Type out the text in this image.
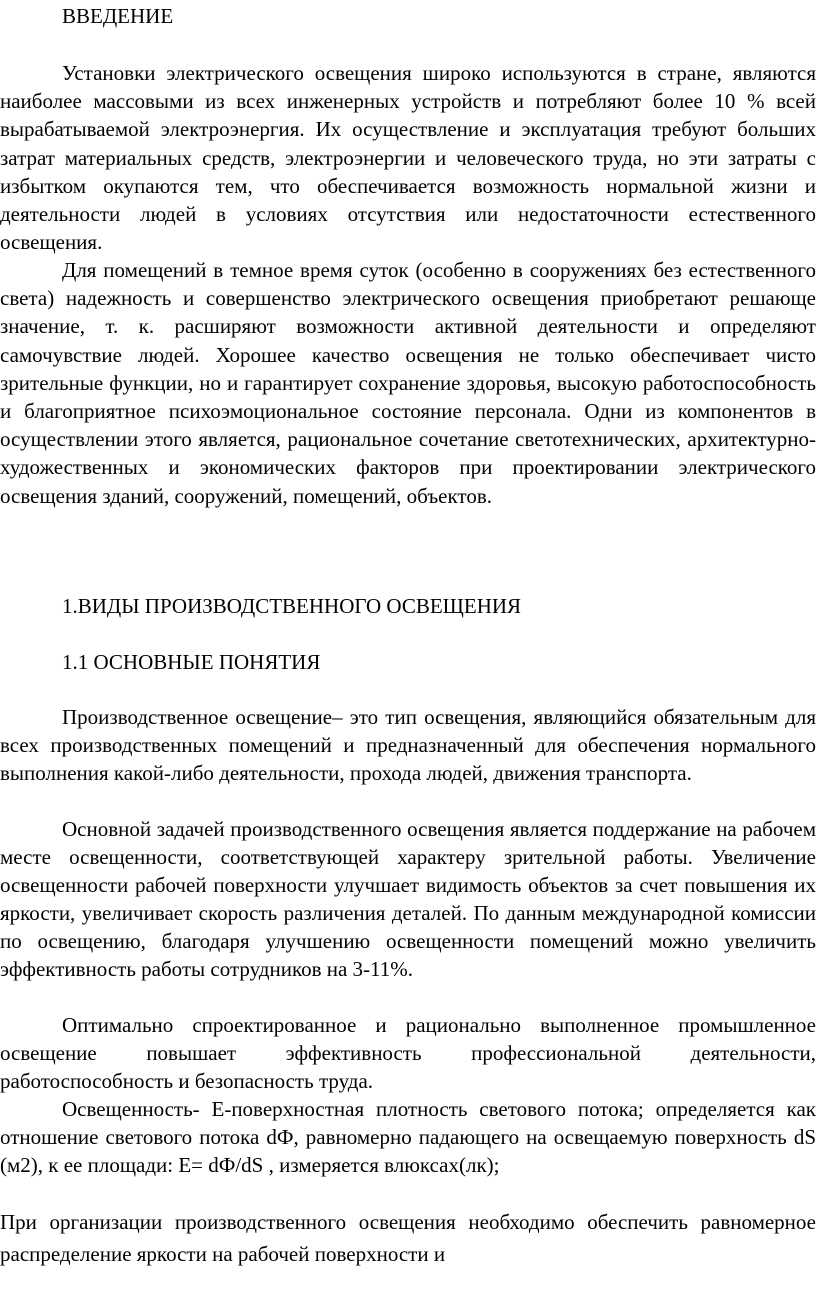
ВВЕДЕНИЕ

Установки электрического освещения широко используются в стране, являются наиболее массовыми из всех инженерных устройств и потребляют более 10 % всей вырабатываемой электроэнергия. Их осуществление и эксплуатация требуют больших затрат материальных средств, электроэнергии и человеческого труда, но эти затраты с избытком окупаются тем, что обеспечивается возможность нормальной жизни и деятельности людей в условиях отсутствия или недостаточности естественного освещения.

Для помещений в темное время суток (особенно в сооружениях без естественного света) надежность и совершенство электрического освещения приобретают решающе значение, т. к. расширяют возможности активной деятельности и определяют самочувствие людей. Хорошее качество освещения не только обеспечивает чисто зрительные функции, но и гарантирует сохранение здоровья, высокую работоспособность и благоприятное психоэмоциональное состояние персонала. Одни из компонентов в осуществлении этого является, рациональное сочетание светотехнических, архитектурно-художественных и экономических факторов при проектировании электрического освещения зданий, сооружений, помещений, объектов.

1.ВИДЫ ПРОИЗВОДСТВЕННОГО ОСВЕЩЕНИЯ
1.1 ОСНОВНЫЕ ПОНЯТИЯ

Производственное освещение– это тип освещения, являющийся обязательным для всех производственных помещений и предназначенный для обеспечения нормального выполнения какой-либо деятельности, прохода людей, движения транспорта.

Основной задачей производственного освещения является поддержание на рабочем месте освещенности, соответствующей характеру зрительной работы. Увеличение освещенности рабочей поверхности улучшает видимость объектов за счет повышения их яркости, увеличивает скорость различения деталей. По данным международной комиссии по освещению, благодаря улучшению освещенности помещений можно увеличить эффективность работы сотрудников на 3-11%.

Оптимально спроектированное и рационально выполненное промышленное освещение повышает эффективность профессиональной деятельности, работоспособность и безопасность труда.

Освещенность- Е-поверхностная плотность светового потока; определяется как отношение светового потока dФ, равномерно падающего на освещаемую поверхность dS (м2), к ее площади: Е= dФ/dS , измеряется влюксах(лк);

При организации производственного освещения необходимо обеспечить равномерное распределение яркости на рабочей поверхности и
